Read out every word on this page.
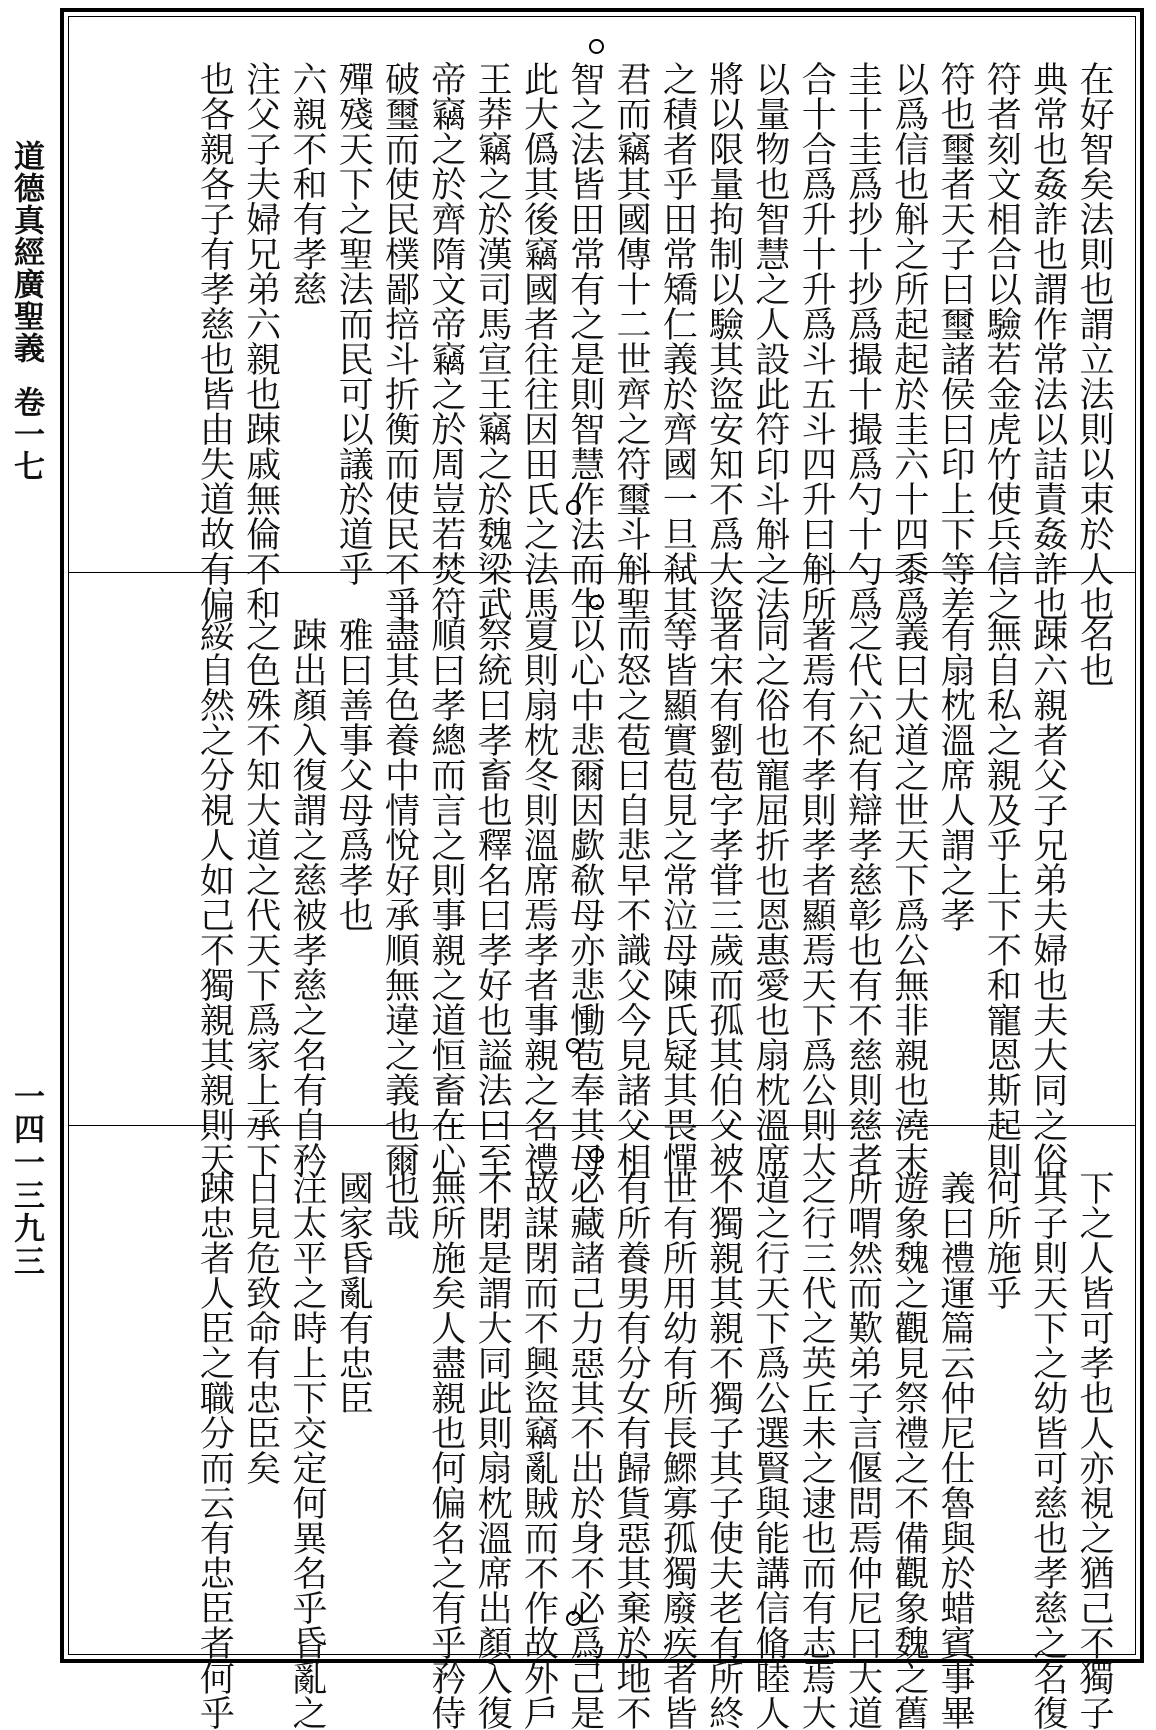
道德真經廣聖義卷一七
一四一三九三
在好智矣法則也謂立法則以束於人也
典常也姦詐也謂作常法以詰責姦詐也
符者刻文相合以驗若金虎竹使兵信之
符也璽者天子曰璽諸侯曰印上下等差
以爲信也斛之所起起於圭六十四黍爲
圭十圭爲抄十抄爲撮十撮爲勺十勺爲
合十合爲升十升爲斗五斗四升曰斛所
以量物也智慧之人設此符印斗斛之法
將以限量拘制以驗其盜安知不爲大盜
之積者乎田常矯仁義於齊國一旦弒其
君而竊其國傳十二世齊之符璽斗斛聖
智之法皆田常有之是則智慧作法而生
此大僞其後竊國者往往因田氏之法馬
王莽竊之於漢司馬宣王竊之於魏梁武
帝竊之於齊隋文帝竊之於周豈若焚符
破璽而使民樸鄙掊斗折衡而使民不爭
殫殘天下之聖法而民可以議於道乎
六親不和有孝慈
注父子夫婦兄弟六親也踈戚無倫不和
也各親各子有孝慈也皆由失道故有偏
名也
踈六親者父子兄弟夫婦也夫大同之俗
無自私之親及乎上下不和寵恩斯起則
有扇枕溫席人謂之孝
義曰大道之世天下爲公無非親也澆末
之代六紀有辯孝慈彰也有不慈則慈者
著焉有不孝則孝者顯焉天下爲公則大
同之俗也寵屈折也恩惠愛也扇枕溫席
者宋有劉苞字孝甞三歲而孤其伯父被
等皆顯實苞見之常泣母陳氏疑其畏憚
而怒之苞曰自悲早不識父今見諸父相
以心中悲爾因歔欷母亦悲慟苞奉其母
夏則扇枕冬則溫席焉孝者事親之名禮
祭統曰孝畜也釋名曰孝好也謚法曰至
順曰孝總而言之則事親之道恒畜在心
盡其色養中情悅好承順無違之義也爾
雅曰善事父母爲孝也
踈出顏入復謂之慈被孝慈之名有自矜
之色殊不知大道之代天下爲家上承下
綏自然之分視人如己不獨親其親則天
下之人皆可孝也人亦視之猶己不獨子
其子則天下之幼皆可慈也孝慈之名復
何所施乎
義曰禮運篇云仲尼仕魯與於蜡賓事畢
遊象魏之觀見祭禮之不備觀象魏之舊
所喟然而歎弟子言偃問焉仲尼曰大道
之行三代之英丘未之逮也而有志焉大
道之行天下爲公選賢與能講信脩睦人
不獨親其親不獨子其子使夫老有所終
世有所用幼有所長鰥寡孤獨廢疾者皆
有所養男有分女有歸貨惡其棄於地不
必藏諸己力惡其不出於身不必爲己是
故謀閉而不興盜竊亂賊而不作故外戶
不閉是謂大同此則扇枕溫席出顏入復
無所施矣人盡親也何偏名之有乎矜侍
也哉
國家昏亂有忠臣
注太平之時上下交定何異名乎昏亂之
日見危致命有忠臣矣
踈忠者人臣之職分而云有忠臣者何乎
